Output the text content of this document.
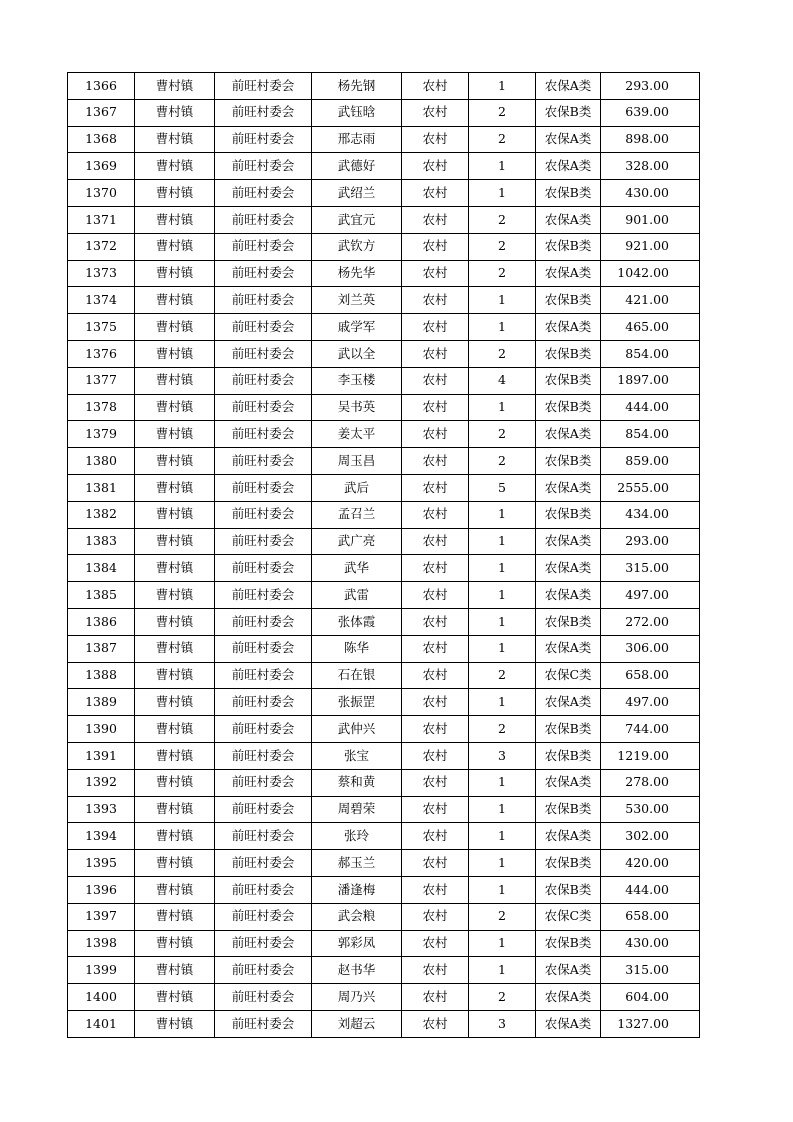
1366	曹村镇	前旺村委会	杨先钢	农村	1	农保A类	293.00
1367	曹村镇	前旺村委会	武钰晗	农村	2	农保B类	639.00
1368	曹村镇	前旺村委会	邢志雨	农村	2	农保A类	898.00
1369	曹村镇	前旺村委会	武德好	农村	1	农保A类	328.00
1370	曹村镇	前旺村委会	武绍兰	农村	1	农保B类	430.00
1371	曹村镇	前旺村委会	武宜元	农村	2	农保A类	901.00
1372	曹村镇	前旺村委会	武钦方	农村	2	农保B类	921.00
1373	曹村镇	前旺村委会	杨先华	农村	2	农保A类	1042.00
1374	曹村镇	前旺村委会	刘兰英	农村	1	农保B类	421.00
1375	曹村镇	前旺村委会	戚学军	农村	1	农保A类	465.00
1376	曹村镇	前旺村委会	武以全	农村	2	农保B类	854.00
1377	曹村镇	前旺村委会	李玉楼	农村	4	农保B类	1897.00
1378	曹村镇	前旺村委会	吴书英	农村	1	农保B类	444.00
1379	曹村镇	前旺村委会	姜太平	农村	2	农保A类	854.00
1380	曹村镇	前旺村委会	周玉昌	农村	2	农保B类	859.00
1381	曹村镇	前旺村委会	武后	农村	5	农保A类	2555.00
1382	曹村镇	前旺村委会	孟召兰	农村	1	农保B类	434.00
1383	曹村镇	前旺村委会	武广亮	农村	1	农保A类	293.00
1384	曹村镇	前旺村委会	武华	农村	1	农保A类	315.00
1385	曹村镇	前旺村委会	武雷	农村	1	农保A类	497.00
1386	曹村镇	前旺村委会	张体霞	农村	1	农保B类	272.00
1387	曹村镇	前旺村委会	陈华	农村	1	农保A类	306.00
1388	曹村镇	前旺村委会	石在银	农村	2	农保C类	658.00
1389	曹村镇	前旺村委会	张振罡	农村	1	农保A类	497.00
1390	曹村镇	前旺村委会	武仲兴	农村	2	农保B类	744.00
1391	曹村镇	前旺村委会	张宝	农村	3	农保B类	1219.00
1392	曹村镇	前旺村委会	蔡和黄	农村	1	农保A类	278.00
1393	曹村镇	前旺村委会	周碧荣	农村	1	农保B类	530.00
1394	曹村镇	前旺村委会	张玲	农村	1	农保A类	302.00
1395	曹村镇	前旺村委会	郝玉兰	农村	1	农保B类	420.00
1396	曹村镇	前旺村委会	潘逢梅	农村	1	农保B类	444.00
1397	曹村镇	前旺村委会	武会粮	农村	2	农保C类	658.00
1398	曹村镇	前旺村委会	郭彩凤	农村	1	农保B类	430.00
1399	曹村镇	前旺村委会	赵书华	农村	1	农保A类	315.00
1400	曹村镇	前旺村委会	周乃兴	农村	2	农保A类	604.00
1401	曹村镇	前旺村委会	刘超云	农村	3	农保A类	1327.00
